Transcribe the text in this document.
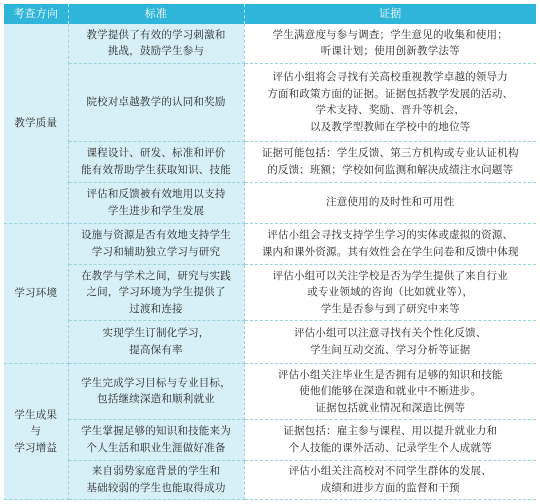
考查方向	标准	证据
教学质量	教学提供了有效的学习刺激和
挑战，鼓励学生参与	学生满意度与参与调查；学生意见的收集和使用；
听课计划；使用创新教学法等
	院校对卓越教学的认同和奖励	评估小组将会寻找有关高校重视教学卓越的领导力
方面和政策方面的证据。证据包括教学发展的活动、
学术支持、奖励、晋升等机会，
以及教学型教师在学校中的地位等
	课程设计、研发、标准和评价
能有效帮助学生获取知识、技能	证据可能包括：学生反馈、第三方机构或专业认证机构
的反馈；班额；学校如何监测和解决成绩注水问题等
	评估和反馈被有效地用以支持
学生进步和学生发展	注意使用的及时性和可用性
学习环境	设施与资源是否有效地支持学生
学习和辅助独立学习与研究	评估小组会寻找支持学生学习的实体或虚拟的资源、
课内和课外资源。其有效性会在学生问卷和反馈中体现
	在教学与学术之间，研究与实践
之间，学习环境为学生提供了
过渡和连接	评估小组可以关注学校是否为学生提供了来自行业
或专业领域的咨询（比如就业等），
学生是否参与到了研究中来等
	实现学生订制化学习，
提高保有率	评估小组可以注意寻找有关个性化反馈、
学生间互动交流、学习分析等证据
学生成果
与
学习增益	学生完成学习目标与专业目标，
包括继续深造和顺利就业	评估小组关注毕业生是否拥有足够的知识和技能
使他们能够在深造和就业中不断进步。
证据包括就业情况和深造比例等
	学生掌握足够的知识和技能来为
个人生活和职业生涯做好准备	证据包括：雇主参与课程、用以提升就业力和
个人技能的课外活动、记录学生个人成就等
	来自弱势家庭背景的学生和
基础较弱的学生也能取得成功	评估小组关注高校对不同学生群体的发展、
成绩和进步方面的监督和干预
